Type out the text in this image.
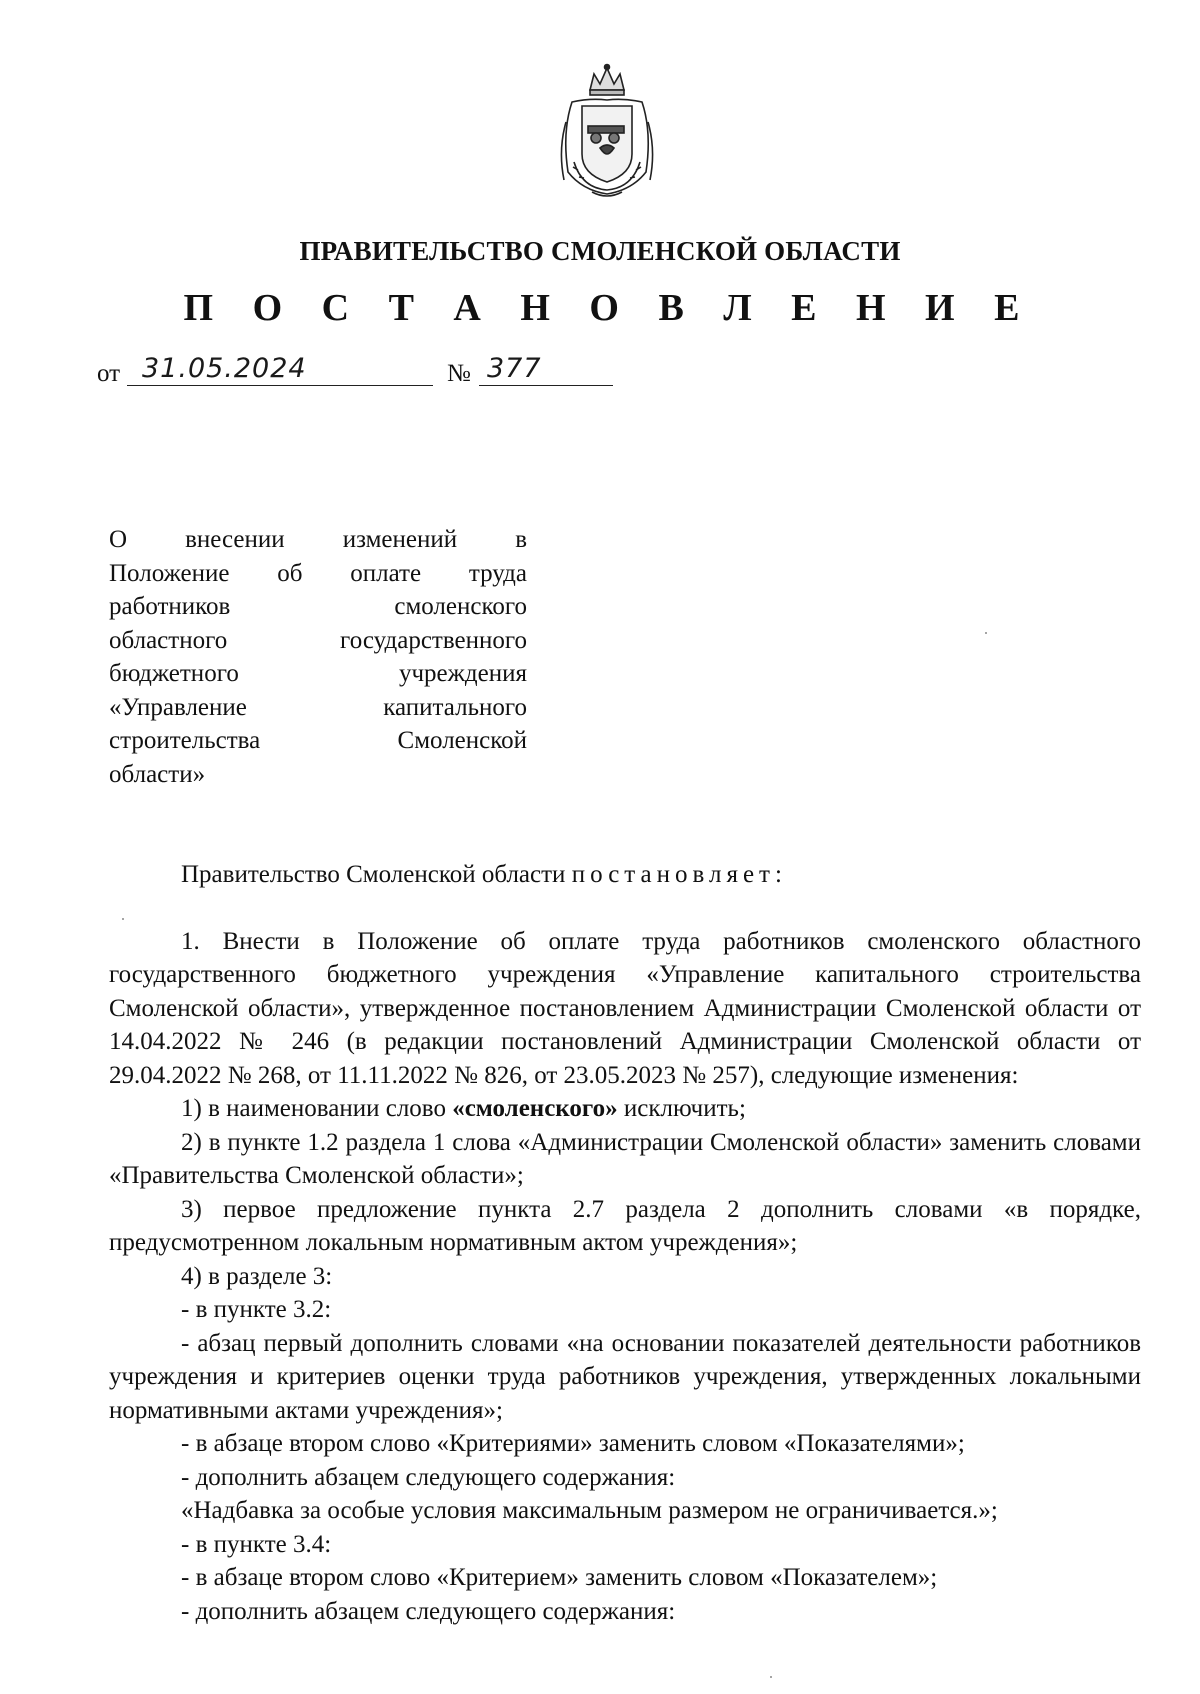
ПРАВИТЕЛЬСТВО СМОЛЕНСКОЙ ОБЛАСТИ
П О С Т А Н О В Л Е Н И Е
от 31.05.2024	№ 377
О внесении изменений в
Положение об оплате труда
работников смоленского
областного государственного
бюджетного учреждения
«Управление капитального
строительства Смоленской
области»

Правительство Смоленской области постановляет:

1. Внести в Положение об оплате труда работников смоленского областного государственного бюджетного учреждения «Управление капитального строительства Смоленской области», утвержденное постановлением Администрации Смоленской области от 14.04.2022 № 246 (в редакции постановлений Администрации Смоленской области от 29.04.2022 № 268, от 11.11.2022 № 826, от 23.05.2023 № 257), следующие изменения:

1) в наименовании слово «смоленского» исключить;

2) в пункте 1.2 раздела 1 слова «Администрации Смоленской области» заменить словами «Правительства Смоленской области»;

3) первое предложение пункта 2.7 раздела 2 дополнить словами «в порядке, предусмотренном локальным нормативным актом учреждения»;

4) в разделе 3:

- в пункте 3.2:

- абзац первый дополнить словами «на основании показателей деятельности работников учреждения и критериев оценки труда работников учреждения, утвержденных локальными нормативными актами учреждения»;

- в абзаце втором слово «Критериями» заменить словом «Показателями»;

- дополнить абзацем следующего содержания:

«Надбавка за особые условия максимальным размером не ограничивается.»;

- в пункте 3.4:

- в абзаце втором слово «Критерием» заменить словом «Показателем»;

- дополнить абзацем следующего содержания:
